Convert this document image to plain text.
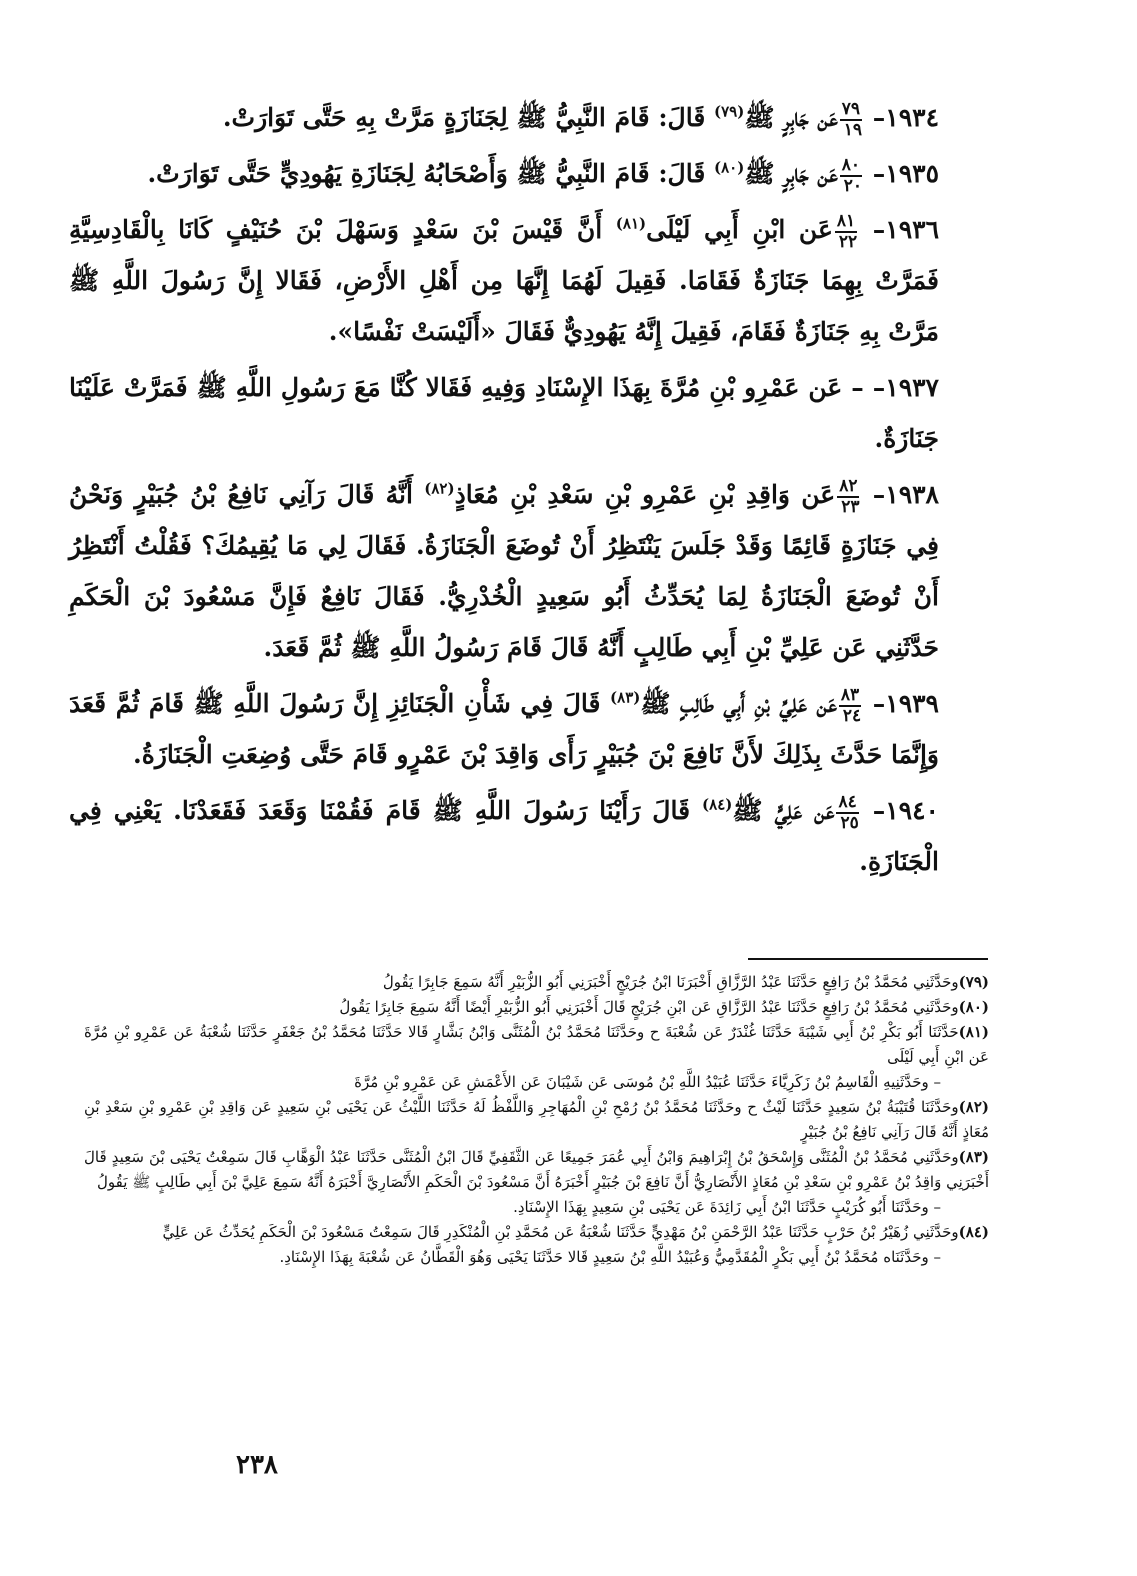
١٩٣٤–
$\frac{٧٩}{١٩}$
عَن جَابِرٍ ﷺ$^{(٧٩)}$ قَالَ: قَامَ النَّبِيُّ ﷺ لِجَنَازَةٍ مَرَّتْ بِهِ حَتَّى تَوَارَتْ.

١٩٣٥–
$\frac{٨٠}{٢٠}$
عَن جَابِرٍ ﷺ$^{(٨٠)}$ قَالَ: قَامَ النَّبِيُّ ﷺ وَأَصْحَابُهُ لِجَنَازَةِ يَهُودِيٍّ حَتَّى تَوَارَتْ.

١٩٣٦–
$\frac{٨١}{٢٢}$
عَن ابْنِ أَبِي لَيْلَى$^{(٨١)}$ أَنَّ قَيْسَ بْنَ سَعْدٍ وَسَهْلَ بْنَ حُنَيْفٍ كَانَا بِالْقَادِسِيَّةِ فَمَرَّتْ بِهِمَا جَنَازَةٌ فَقَامَا. فَقِيلَ لَهُمَا إِنَّهَا مِن أَهْلِ الأَرْضِ، فَقَالا إِنَّ رَسُولَ اللَّهِ ﷺ مَرَّتْ بِهِ جَنَازَةٌ فَقَامَ، فَقِيلَ إِنَّهُ يَهُودِيٌّ فَقَالَ «أَلَيْسَتْ نَفْسًا».

١٩٣٧– – عَن عَمْرِو بْنِ مُرَّةَ بِهَذَا الإِسْنَادِ وَفِيهِ فَقَالا كُنَّا مَعَ رَسُولِ اللَّهِ ﷺ فَمَرَّتْ عَلَيْنَا جَنَازَةٌ.

١٩٣٨–
$\frac{٨٢}{٢٣}$
عَن وَاقِدِ بْنِ عَمْرِو بْنِ سَعْدِ بْنِ مُعَاذٍ$^{(٨٢)}$ أَنَّهُ قَالَ رَآنِي نَافِعُ بْنُ جُبَيْرٍ وَنَحْنُ فِي جَنَازَةٍ قَائِمًا وَقَدْ جَلَسَ يَنْتَظِرُ أَنْ تُوضَعَ الْجَنَازَةُ. فَقَالَ لِي مَا يُقِيمُكَ؟ فَقُلْتُ أَنْتَظِرُ أَنْ تُوضَعَ الْجَنَازَةُ لِمَا يُحَدِّثُ أَبُو سَعِيدٍ الْخُدْرِيُّ. فَقَالَ نَافِعٌ فَإِنَّ مَسْعُودَ بْنَ الْحَكَمِ حَدَّثَنِي عَن عَلِيِّ بْنِ أَبِي طَالِبٍ أَنَّهُ قَالَ قَامَ رَسُولُ اللَّهِ ﷺ ثُمَّ قَعَدَ.

١٩٣٩–
$\frac{٨٣}{٢٤}$
عَن عَلِيِّ بْنِ أَبِي طَالِبٍ ﷺ$^{(٨٣)}$ قَالَ فِي شَأْنِ الْجَنَائِزِ إِنَّ رَسُولَ اللَّهِ ﷺ قَامَ ثُمَّ قَعَدَ وَإِنَّمَا حَدَّثَ بِذَلِكَ لأَنَّ نَافِعَ بْنَ جُبَيْرٍ رَأَى وَاقِدَ بْنَ عَمْرٍو قَامَ حَتَّى وُضِعَتِ الْجَنَازَةُ.

١٩٤٠–
$\frac{٨٤}{٢٥}$
عَن عَلِيٍّ ﷺ$^{(٨٤)}$ قَالَ رَأَيْنَا رَسُولَ اللَّهِ ﷺ قَامَ فَقُمْنَا وَقَعَدَ فَقَعَدْنَا. يَعْنِي فِي الْجَنَازَةِ.

(٧٩)وحَدَّثَنِي مُحَمَّدُ بْنُ رَافِعٍ حَدَّثَنَا عَبْدُ الرَّزَّاقِ أَخْبَرَنَا ابْنُ جُرَيْجٍ أَخْبَرَنِي أَبُو الزُّبَيْرِ أَنَّهُ سَمِعَ جَابِرًا يَقُولُ

(٨٠)وحَدَّثَنِي مُحَمَّدُ بْنُ رَافِعٍ حَدَّثَنَا عَبْدُ الرَّزَّاقِ عَن ابْنِ جُرَيْجٍ قَالَ أَخْبَرَنِي أَبُو الزُّبَيْرِ أَيْضًا أَنَّهُ سَمِعَ جَابِرًا يَقُولُ

(٨١)حَدَّثَنَا أَبُو بَكْرِ بْنُ أَبِي شَيْبَةَ حَدَّثَنَا غُنْدَرٌ عَن شُعْبَةَ ح وحَدَّثَنَا مُحَمَّدُ بْنُ الْمُثَنَّى وَابْنُ بَشَّارٍ قَالا حَدَّثَنَا مُحَمَّدُ بْنُ جَعْفَرٍ حَدَّثَنَا شُعْبَةُ عَن عَمْرِو بْنِ مُرَّةَ عَن ابْنِ أَبِي لَيْلَى

– وحَدَّثَنِيهِ الْقَاسِمُ بْنُ زَكَرِيَّاءَ حَدَّثَنَا عُبَيْدُ اللَّهِ بْنُ مُوسَى عَن شَيْبَانَ عَن الأَعْمَشِ عَن عَمْرِو بْنِ مُرَّةَ

(٨٢)وحَدَّثَنَا قُتَيْبَةُ بْنُ سَعِيدٍ حَدَّثَنَا لَيْثٌ ح وحَدَّثَنَا مُحَمَّدُ بْنُ رُمْحِ بْنِ الْمُهَاجِرِ وَاللَّفْظُ لَهُ حَدَّثَنَا اللَّيْثُ عَن يَحْيَى بْنِ سَعِيدٍ عَن وَاقِدِ بْنِ عَمْرِو بْنِ سَعْدِ بْنِ مُعَاذٍ أَنَّهُ قَالَ رَآنِي نَافِعُ بْنُ جُبَيْرٍ

(٨٣)وحَدَّثَنِي مُحَمَّدُ بْنُ الْمُثَنَّى وَإِسْحَقُ بْنُ إِبْرَاهِيمَ وَابْنُ أَبِي عُمَرَ جَمِيعًا عَن الثَّقَفِيِّ قَالَ ابْنُ الْمُثَنَّى حَدَّثَنَا عَبْدُ الْوَهَّابِ قَالَ سَمِعْتُ يَحْيَى بْنَ سَعِيدٍ قَالَ أَخْبَرَنِي وَاقِدُ بْنُ عَمْرِو بْنِ سَعْدِ بْنِ مُعَاذٍ الأَنْصَارِيُّ أَنَّ نَافِعَ بْنَ جُبَيْرٍ أَخْبَرَهُ أَنَّ مَسْعُودَ بْنَ الْحَكَمِ الأَنْصَارِيَّ أَخْبَرَهُ أَنَّهُ سَمِعَ عَلِيَّ بْنَ أَبِي طَالِبٍ ﷺ يَقُولُ

– وحَدَّثَنَا أَبُو كُرَيْبٍ حَدَّثَنَا ابْنُ أَبِي زَائِدَةَ عَن يَحْيَى بْنِ سَعِيدٍ بِهَذَا الإِسْنَادِ.

(٨٤)وحَدَّثَنِي زُهَيْرُ بْنُ حَرْبٍ حَدَّثَنَا عَبْدُ الرَّحْمَنِ بْنُ مَهْدِيٍّ حَدَّثَنَا شُعْبَةُ عَن مُحَمَّدِ بْنِ الْمُنْكَدِرِ قَالَ سَمِعْتُ مَسْعُودَ بْنَ الْحَكَمِ يُحَدِّثُ عَن عَلِيٍّ

– وحَدَّثَنَاه مُحَمَّدُ بْنُ أَبِي بَكْرٍ الْمُقَدَّمِيُّ وَعُبَيْدُ اللَّهِ بْنُ سَعِيدٍ قَالا حَدَّثَنَا يَحْيَى وَهُوَ الْقَطَّانُ عَن شُعْبَةَ بِهَذَا الإِسْنَادِ.

٢٣٨
